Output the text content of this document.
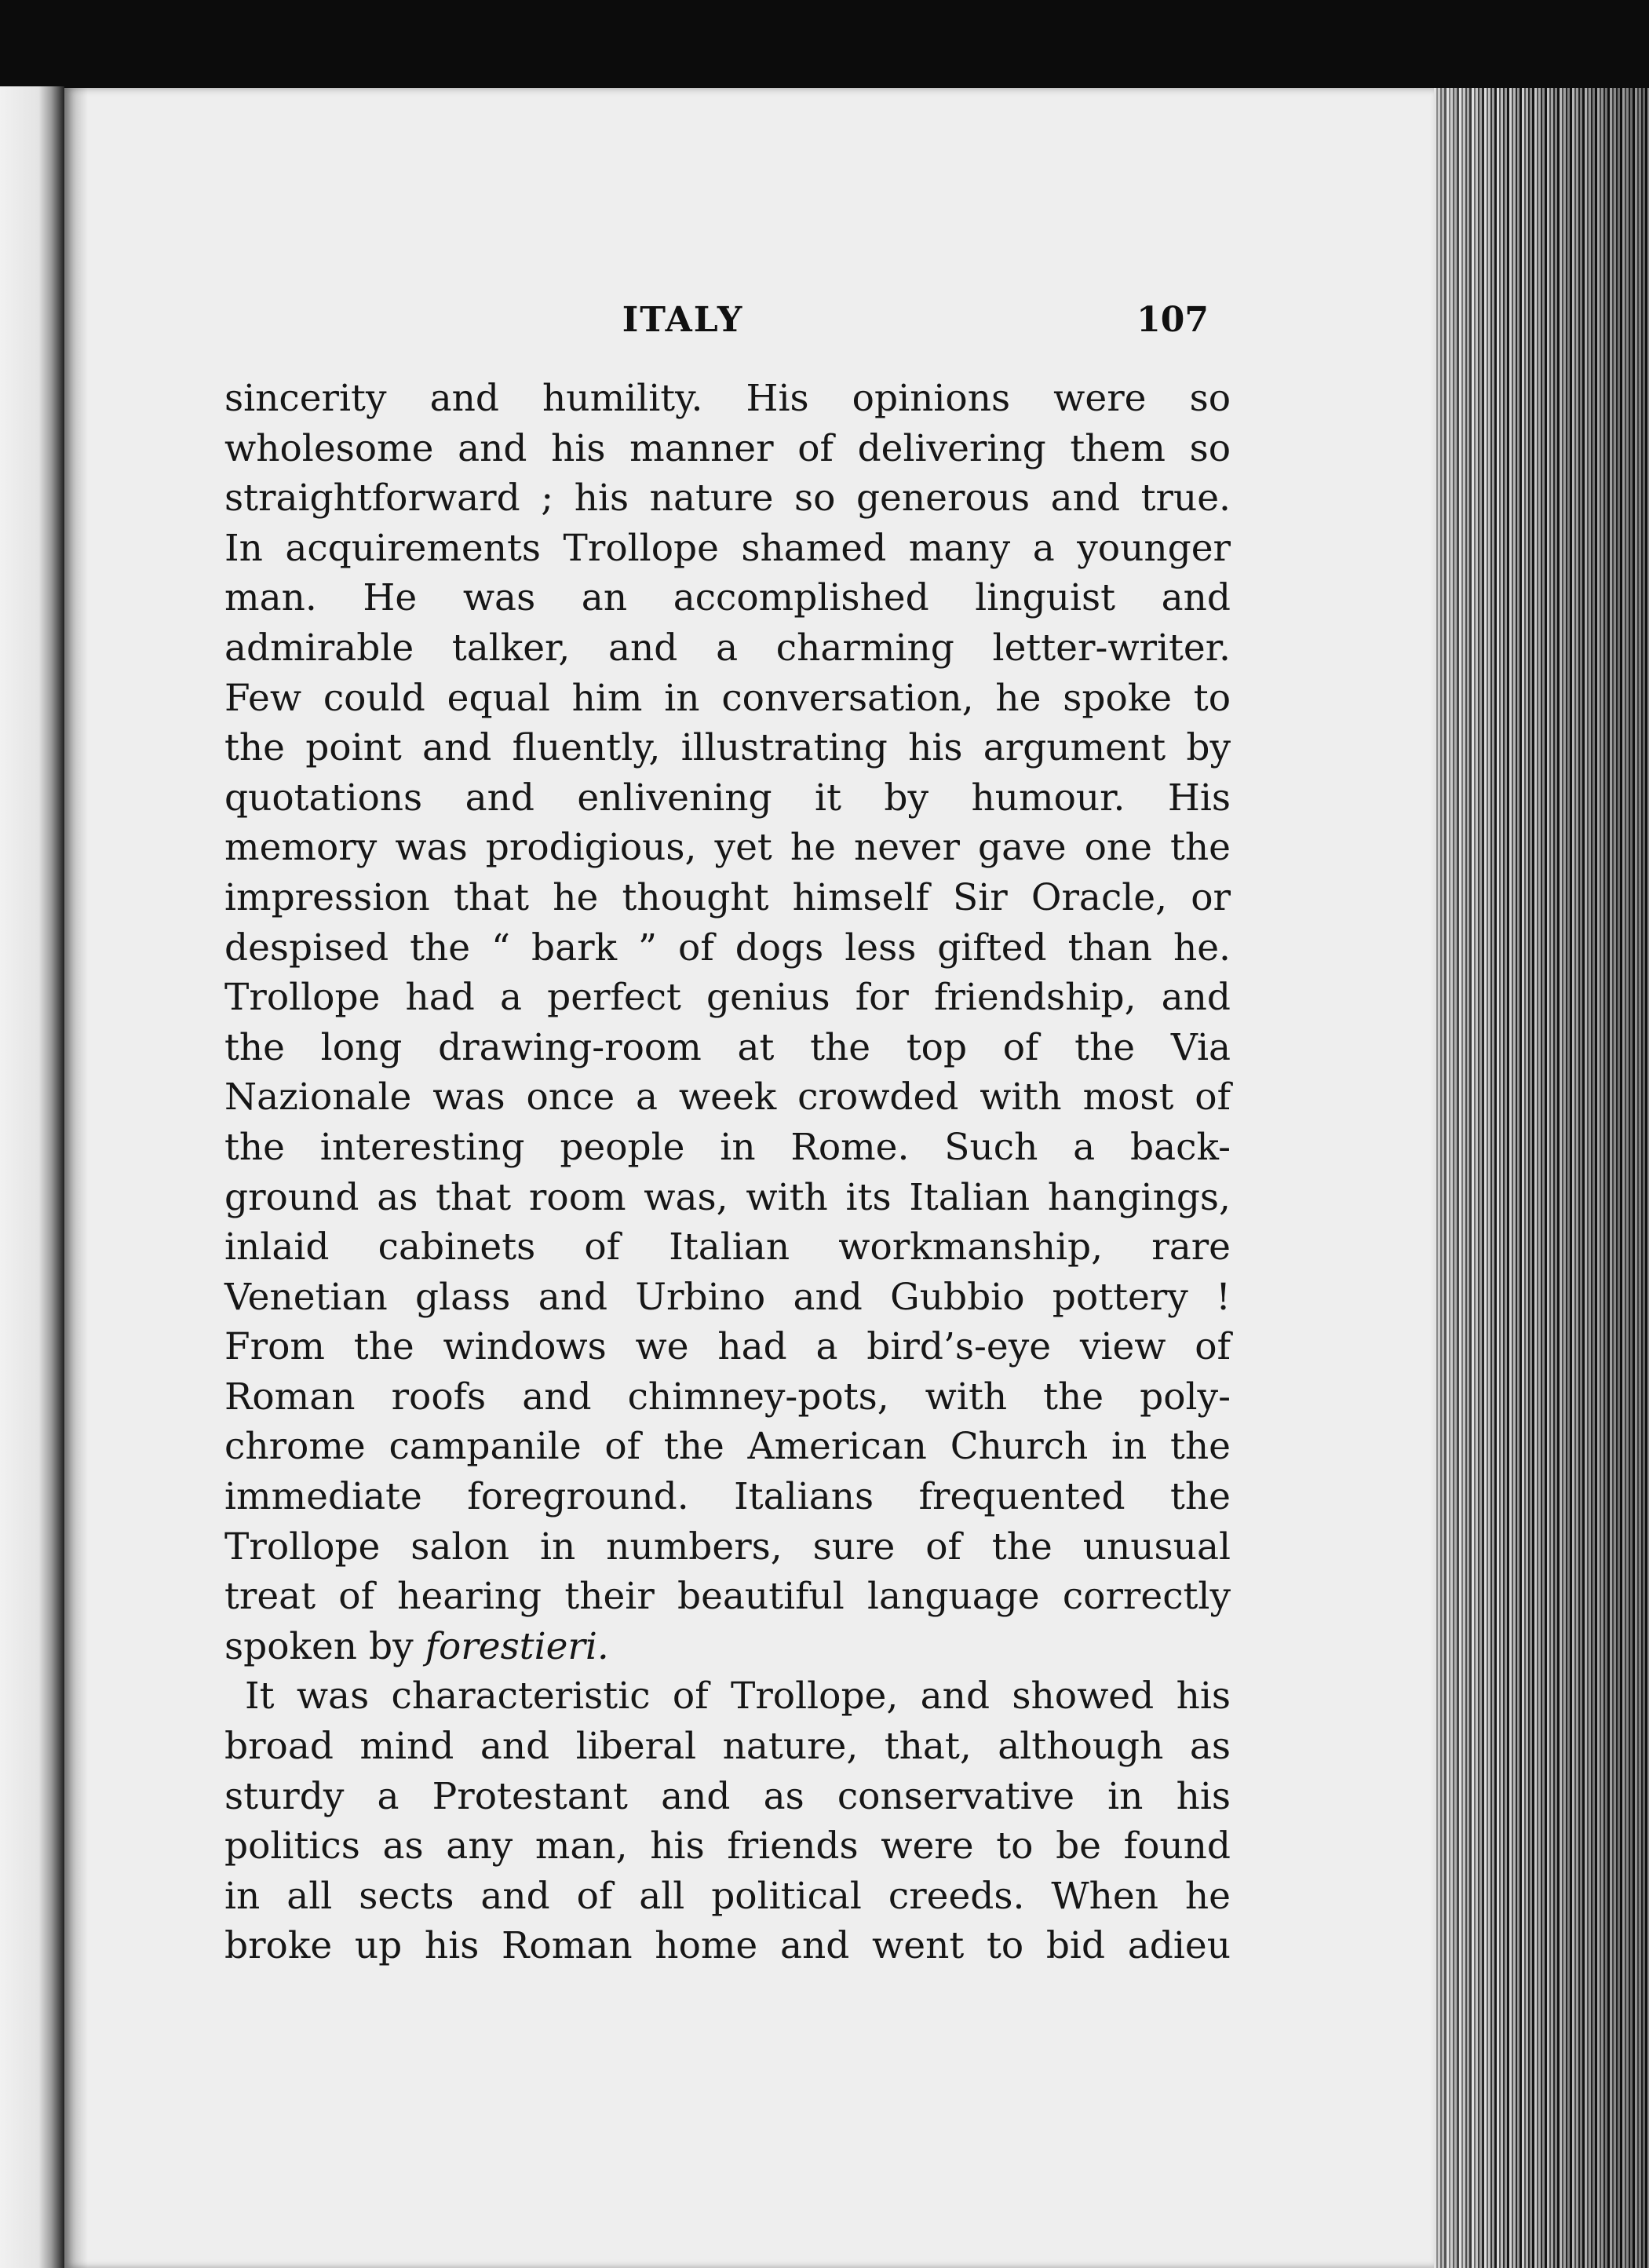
ITALY	107
sincerity and humility. His opinions were so
wholesome and his manner of delivering them so
straightforward ; his nature so generous and true.
In acquirements Trollope shamed many a younger
man. He was an accomplished linguist and
admirable talker, and a charming letter-writer.
Few could equal him in conversation, he spoke to
the point and fluently, illustrating his argument by
quotations and enlivening it by humour. His
memory was prodigious, yet he never gave one the
impression that he thought himself Sir Oracle, or
despised the “ bark ” of dogs less gifted than he.
Trollope had a perfect genius for friendship, and
the long drawing-room at the top of the Via
Nazionale was once a week crowded with most of
the interesting people in Rome. Such a back-
ground as that room was, with its Italian hangings,
inlaid cabinets of Italian workmanship, rare
Venetian glass and Urbino and Gubbio pottery !
From the windows we had a bird’s-eye view of
Roman roofs and chimney-pots, with the poly-
chrome campanile of the American Church in the
immediate foreground. Italians frequented the
Trollope salon in numbers, sure of the unusual
treat of hearing their beautiful language correctly
spoken by forestieri.
It was characteristic of Trollope, and showed his
broad mind and liberal nature, that, although as
sturdy a Protestant and as conservative in his
politics as any man, his friends were to be found
in all sects and of all political creeds. When he
broke up his Roman home and went to bid adieu
